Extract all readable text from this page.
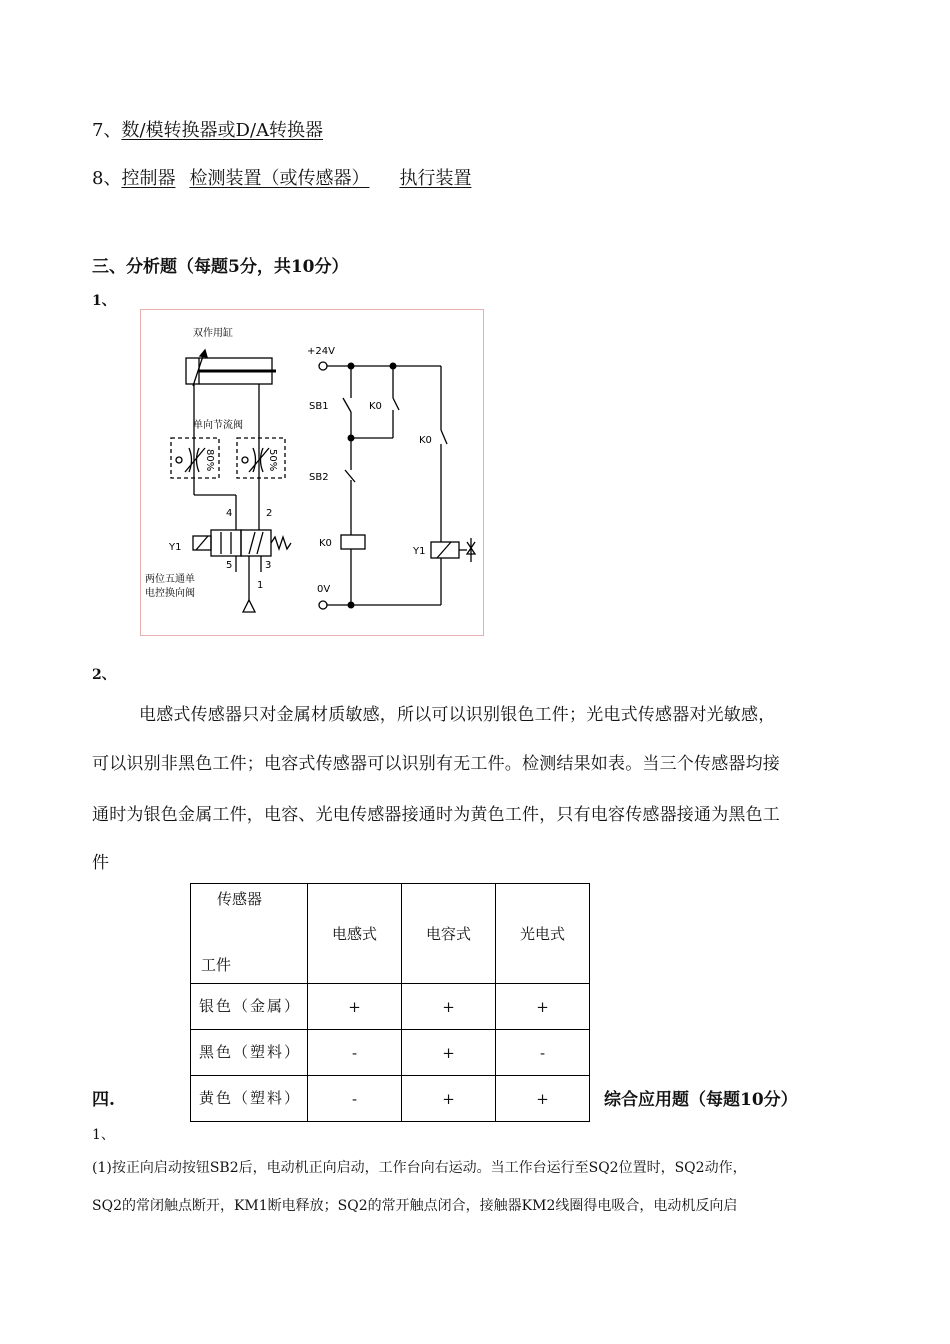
7、数/模转换器或D/A转换器
8、控制器 检测装置（或传感器） 执行装置
三、分析题（每题5分，共10分）
1、
双作用缸
单向节流阀
80%	50%
4	2
5	3
1
Y1
两位五通单
电控换向阀
+24V
SB1	K0
K0
SB2
K0
Y1
0V
2、
电感式传感器只对金属材质敏感，所以可以识别银色工件；光电式传感器对光敏感，
可以识别非黑色工件；电容式传感器可以识别有无工件。检测结果如表。当三个传感器均接
通时为银色金属工件，电容、光电传感器接通时为黄色工件，只有电容传感器接通为黑色工
件
传感器
工件	电感式	电容式	光电式
银色（金属）	+	+	+
黑色（塑料）	-	+	-
黄色（塑料）	-	+	+
四.	综合应用题（每题10分）
1、
(1)按正向启动按钮SB2后，电动机正向启动，工作台向右运动。当工作台运行至SQ2位置时，SQ2动作，
SQ2的常闭触点断开，KM1断电释放；SQ2的常开触点闭合，接触器KM2线圈得电吸合，电动机反向启
